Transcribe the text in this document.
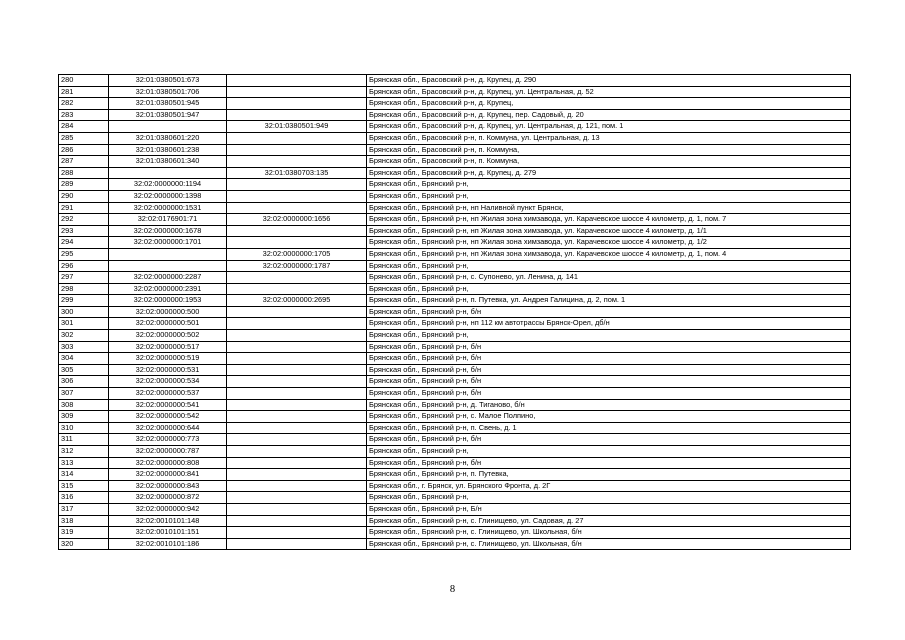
280	32:01:0380501:673		Брянская обл., Брасовский р-н, д. Крупец, д. 290
281	32:01:0380501:706		Брянская обл., Брасовский р-н, д. Крупец, ул. Центральная, д. 52
282	32:01:0380501:945		Брянская обл., Брасовский р-н, д. Крупец,
283	32:01:0380501:947		Брянская обл., Брасовский р-н, д. Крупец, пер. Садовый, д. 20
284		32:01:0380501:949	Брянская обл., Брасовский р-н, д. Крупец, ул. Центральная, д. 121, пом. 1
285	32:01:0380601:220		Брянская обл., Брасовский р-н, п. Коммуна, ул. Центральная, д. 13
286	32:01:0380601:238		Брянская обл., Брасовский р-н, п. Коммуна,
287	32:01:0380601:340		Брянская обл., Брасовский р-н, п. Коммуна,
288		32:01:0380703:135	Брянская обл., Брасовский р-н, д. Крупец, д. 279
289	32:02:0000000:1194		Брянская обл., Брянский р-н,
290	32:02:0000000:1398		Брянская обл., Брянский р-н,
291	32:02:0000000:1531		Брянская обл., Брянский р-н, нп Наливной пункт Брянск,
292	32:02:0176901:71	32:02:0000000:1656	Брянская обл., Брянский р-н, нп Жилая зона химзавода, ул. Карачевское шоссе 4 километр, д. 1, пом. 7
293	32:02:0000000:1678		Брянская обл., Брянский р-н, нп Жилая зона химзавода, ул. Карачевское шоссе 4 километр, д. 1/1
294	32:02:0000000:1701		Брянская обл., Брянский р-н, нп Жилая зона химзавода, ул. Карачевское шоссе 4 километр, д. 1/2
295		32:02:0000000:1705	Брянская обл., Брянский р-н, нп Жилая зона химзавода, ул. Карачевское шоссе 4 километр, д. 1, пом. 4
296		32:02:0000000:1787	Брянская обл., Брянский р-н,
297	32:02:0000000:2287		Брянская обл., Брянский р-н, с. Супонево, ул. Ленина, д. 141
298	32:02:0000000:2391		Брянская обл., Брянский р-н,
299	32:02:0000000:1953	32:02:0000000:2695	Брянская обл., Брянский р-н, п. Путевка, ул. Андрея Галицина, д. 2, пом. 1
300	32:02:0000000:500		Брянская обл., Брянский р-н, б/н
301	32:02:0000000:501		Брянская обл., Брянский р-н, нп 112 км автотрассы Брянск-Орел, дб/н
302	32:02:0000000:502		Брянская обл., Брянский р-н,
303	32:02:0000000:517		Брянская обл., Брянский р-н, б/н
304	32:02:0000000:519		Брянская обл., Брянский р-н, б/н
305	32:02:0000000:531		Брянская обл., Брянский р-н, б/н
306	32:02:0000000:534		Брянская обл., Брянский р-н, б/н
307	32:02:0000000:537		Брянская обл., Брянский р-н, б/н
308	32:02:0000000:541		Брянская обл., Брянский р-н, д. Тиганово, б/н
309	32:02:0000000:542		Брянская обл., Брянский р-н, с. Малое Полпино,
310	32:02:0000000:644		Брянская обл., Брянский р-н, п. Свень, д. 1
311	32:02:0000000:773		Брянская обл., Брянский р-н, б/н
312	32:02:0000000:787		Брянская обл., Брянский р-н,
313	32:02:0000000:808		Брянская обл., Брянский р-н, б/н
314	32:02:0000000:841		Брянская обл., Брянский р-н, п. Путевка,
315	32:02:0000000:843		Брянская обл., г. Брянск, ул. Брянского Фронта, д. 2Г
316	32:02:0000000:872		Брянская обл., Брянский р-н,
317	32:02:0000000:942		Брянская обл., Брянский р-н, Б/н
318	32:02:0010101:148		Брянская обл., Брянский р-н, с. Глинищево, ул. Садовая, д. 27
319	32:02:0010101:151		Брянская обл., Брянский р-н, с. Глинищево, ул. Школьная, б/н
320	32:02:0010101:186		Брянская обл., Брянский р-н, с. Глинищево, ул. Школьная, б/н
8
